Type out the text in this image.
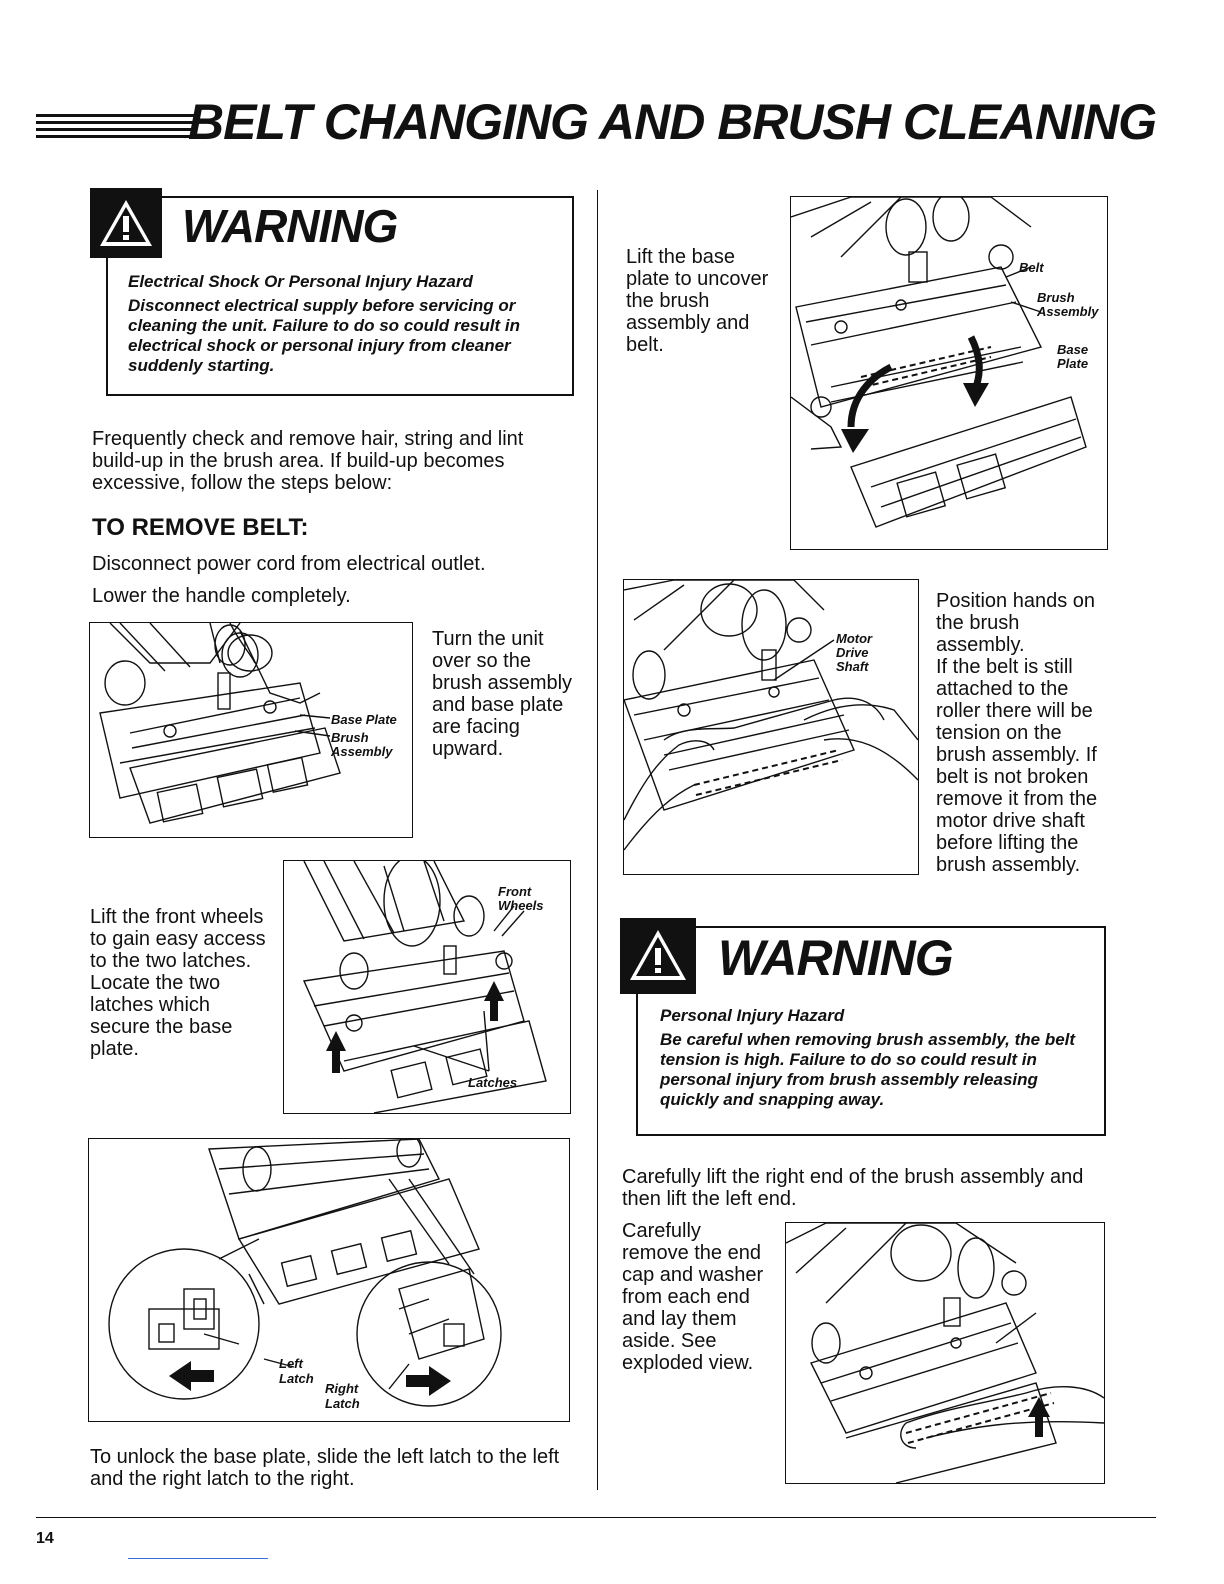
BELT CHANGING AND BRUSH CLEANING
WARNING
Electrical Shock Or Personal Injury Hazard
Disconnect electrical supply before servicing or cleaning the unit. Failure to do so could result in electrical shock or personal injury from cleaner suddenly starting.
Frequently check and remove hair, string and lint build-up in the brush area. If build-up becomes excessive, follow the steps below:
TO REMOVE BELT:
Disconnect power cord from electrical outlet.
Lower the handle completely.
Base Plate
Brush
Assembly
Turn the unit over so the brush assembly and base plate are facing upward.
Lift the front wheels to gain easy access to the two latches. Locate the two latches which secure the base plate.
Front
Wheels
Latches
Left
Latch
Right
Latch
To unlock the base plate, slide the left latch to the left and the right latch to the right.
Lift the base plate to uncover the brush assembly and belt.
Belt
Brush
Assembly
Base
Plate
Motor
Drive
Shaft
Position hands on the brush assembly.
If the belt is still attached to the roller there will be tension on the brush assembly. If belt is not broken remove it from the motor drive shaft before lifting the brush assembly.
WARNING
Personal Injury Hazard
Be careful when removing brush assembly, the belt tension is high. Failure to do so could result in personal injury from brush assembly releasing quickly and snapping away.
Carefully lift the right end of the brush assembly and then lift the left end.
Carefully remove the end cap and washer from each end and lay them aside. See exploded view.
14
